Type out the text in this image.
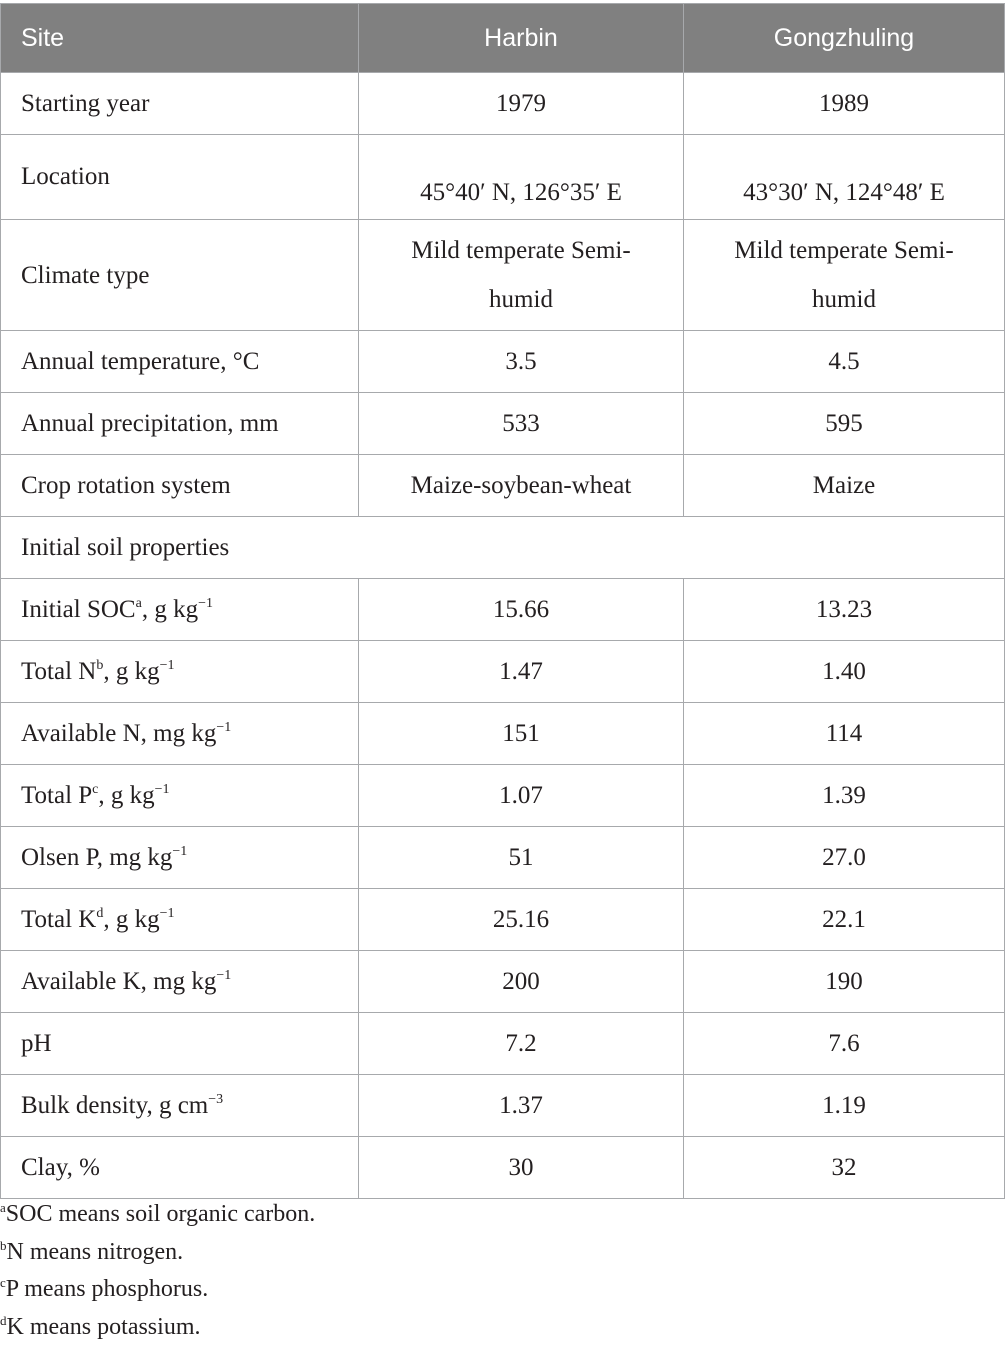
Site	Harbin	Gongzhuling
Starting year	1979	1989
Location	45°40′ N, 126°35′ E	43°30′ N, 124°48′ E
Climate type	Mild temperate Semi-humid	Mild temperate Semi-humid
Annual temperature, °C	3.5	4.5
Annual precipitation, mm	533	595
Crop rotation system	Maize-soybean-wheat	Maize
Initial soil properties		
Initial SOC$^a$, g $kg^{-1}$	15.66	13.23
Total $N^b$, g $kg^{-1}$	1.47	1.40
Available N, mg $kg^{-1}$	151	114
Total $P^c$, g $kg^{-1}$	1.07	1.39
Olsen P, mg $kg^{-1}$	51	27.0
Total $K^d$, g $kg^{-1}$	25.16	22.1
Available K, mg $kg^{-1}$	200	190
pH	7.2	7.6
Bulk density, g $cm^{-3}$	1.37	1.19
Clay, %	30	32
$^a$SOC means soil organic carbon.
$^b$N means nitrogen.
$^c$P means phosphorus.
$^d$K means potassium.
